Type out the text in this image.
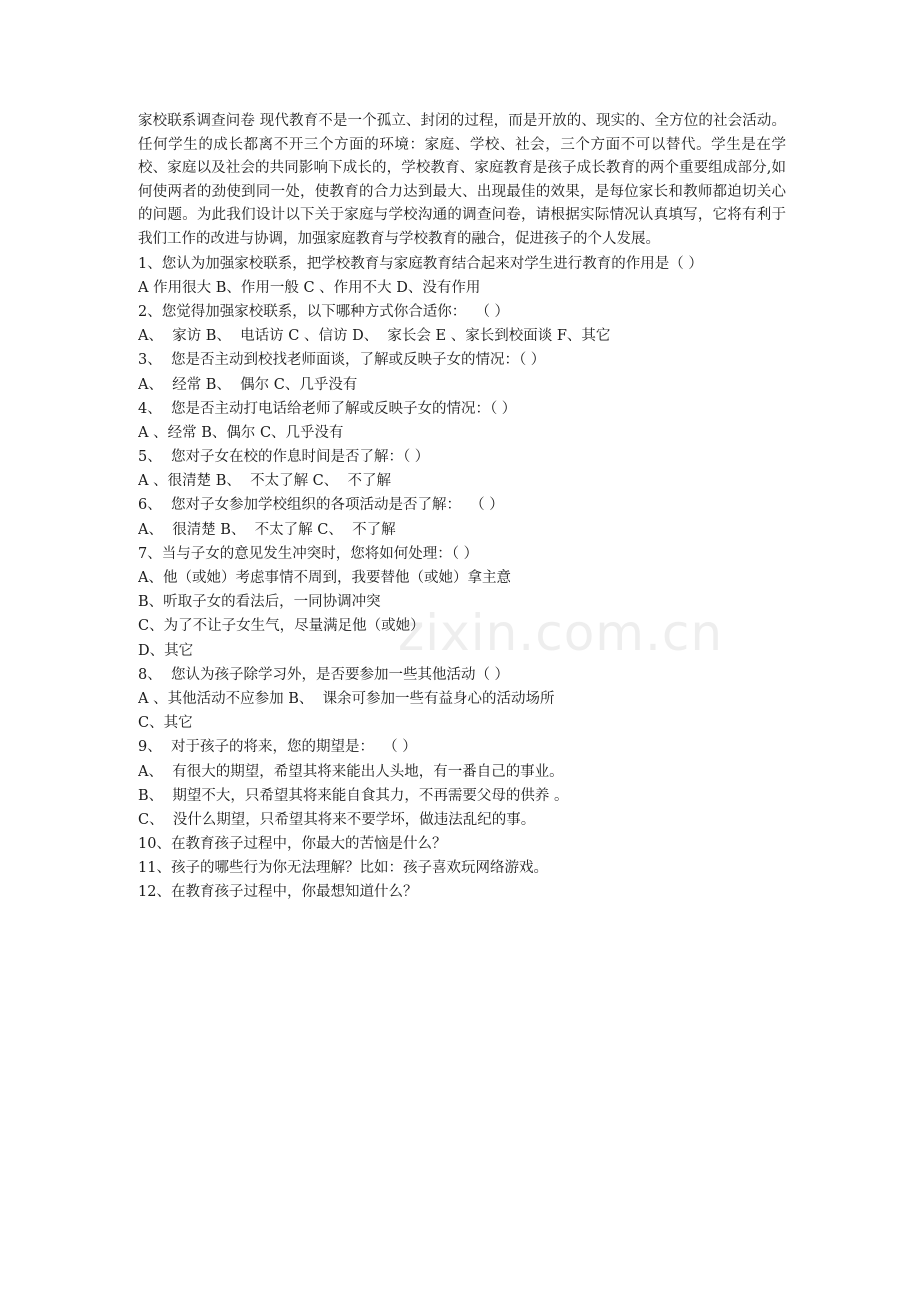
家校联系调查问卷 现代教育不是一个孤立、封闭的过程，而是开放的、现实的、全方位的社会活动。任何学生的成长都离不开三个方面的环境：家庭、学校、社会，三个方面不可以替代。学生是在学校、家庭以及社会的共同影响下成长的，学校教育、家庭教育是孩子成长教育的两个重要组成部分,如何使两者的劲使到同一处，使教育的合力达到最大、出现最佳的效果，是每位家长和教师都迫切关心的问题。为此我们设计以下关于家庭与学校沟通的调查问卷，请根据实际情况认真填写，它将有利于我们工作的改进与协调，加强家庭教育与学校教育的融合，促进孩子的个人发展。

1、您认为加强家校联系，把学校教育与家庭教育结合起来对学生进行教育的作用是（ ）

A 作用很大 B、作用一般 C 、作用不大 D、没有作用

2、您觉得加强家校联系，以下哪种方式你合适你：  （ ）

A、  家访 B、  电话访 C 、信访 D、  家长会 E 、家长到校面谈 F、其它

3、  您是否主动到校找老师面谈，了解或反映子女的情况：（ ）

A、  经常 B、  偶尔 C、几乎没有

4、  您是否主动打电话给老师了解或反映子女的情况：（ ）

A 、经常 B、偶尔 C、几乎没有

5、  您对子女在校的作息时间是否了解：（ ）

A 、很清楚 B、  不太了解 C、  不了解

6、  您对子女参加学校组织的各项活动是否了解：  （ ）

A、  很清楚 B、  不太了解 C、  不了解

7、当与子女的意见发生冲突时，您将如何处理：（ ）

A、他（或她）考虑事情不周到，我要替他（或她）拿主意

B、听取子女的看法后，一同协调冲突

C、为了不让子女生气，尽量满足他（或她）

D、其它

8、  您认为孩子除学习外，是否要参加一些其他活动（ ）

A 、其他活动不应参加 B、  课余可参加一些有益身心的活动场所

C、其它

9、  对于孩子的将来，您的期望是：  （ ）

A、  有很大的期望，希望其将来能出人头地，有一番自己的事业。

B、  期望不大，只希望其将来能自食其力，不再需要父母的供养 。

C、  没什么期望，只希望其将来不要学坏，做违法乱纪的事。

10、在教育孩子过程中，你最大的苦恼是什么？

11、孩子的哪些行为你无法理解？比如：孩子喜欢玩网络游戏。

12、在教育孩子过程中，你最想知道什么？

zixin.com.cn
